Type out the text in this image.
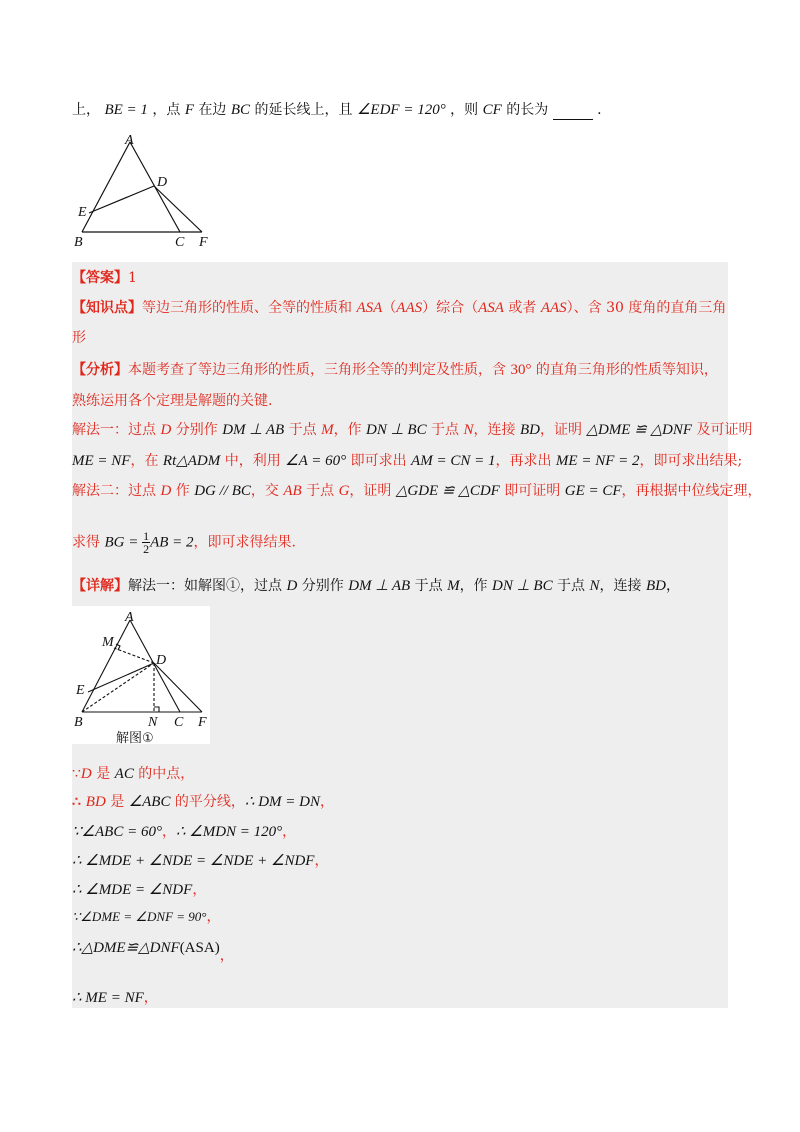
上， BE = 1 ，点 F 在边 BC 的延长线上，且 ∠EDF = 120° ，则 CF 的长为	.
A
D
E
B	C F
【答案】1
【知识点】等边三角形的性质、全等的性质和 ASA（AAS）综合（ASA 或者 AAS）、含 30 度角的直角三角
形
【分析】本题考查了等边三角形的性质，三角形全等的判定及性质，含 30° 的直角三角形的性质等知识，
熟练运用各个定理是解题的关键.
解法一：过点 D 分别作 DM ⊥ AB 于点 M，作 DN ⊥ BC 于点 N，连接 BD，证明 △DME ≌ △DNF 及可证明
ME = NF，在 Rt△ADM 中，利用 ∠A = 60° 即可求出 AM = CN = 1，再求出 ME = NF = 2，即可求出结果;
解法二：过点 D 作 DG // BC，交 AB 于点 G，证明 △GDE ≌ △CDF 即可证明 GE = CF，再根据中位线定理，
求得 BG = $\frac{1}{2}$ AB = 2，即可求得结果.
【详解】解法一：如解图①，过点 D 分别作 DM ⊥ AB 于点 M，作 DN ⊥ BC 于点 N，连接 BD，
A
M
D
E
B	N C F
解图①
∵D 是 AC 的中点，
∴ BD 是 ∠ABC 的平分线，∴ DM = DN，
∵∠ABC = 60°，∴ ∠MDN = 120°，
∴ ∠MDE + ∠NDE = ∠NDE + ∠NDF，
∴ ∠MDE = ∠NDF，
∵∠DME = ∠DNF = 90°，
∴△DME≌△DNF(ASA)，
∴ ME = NF，
